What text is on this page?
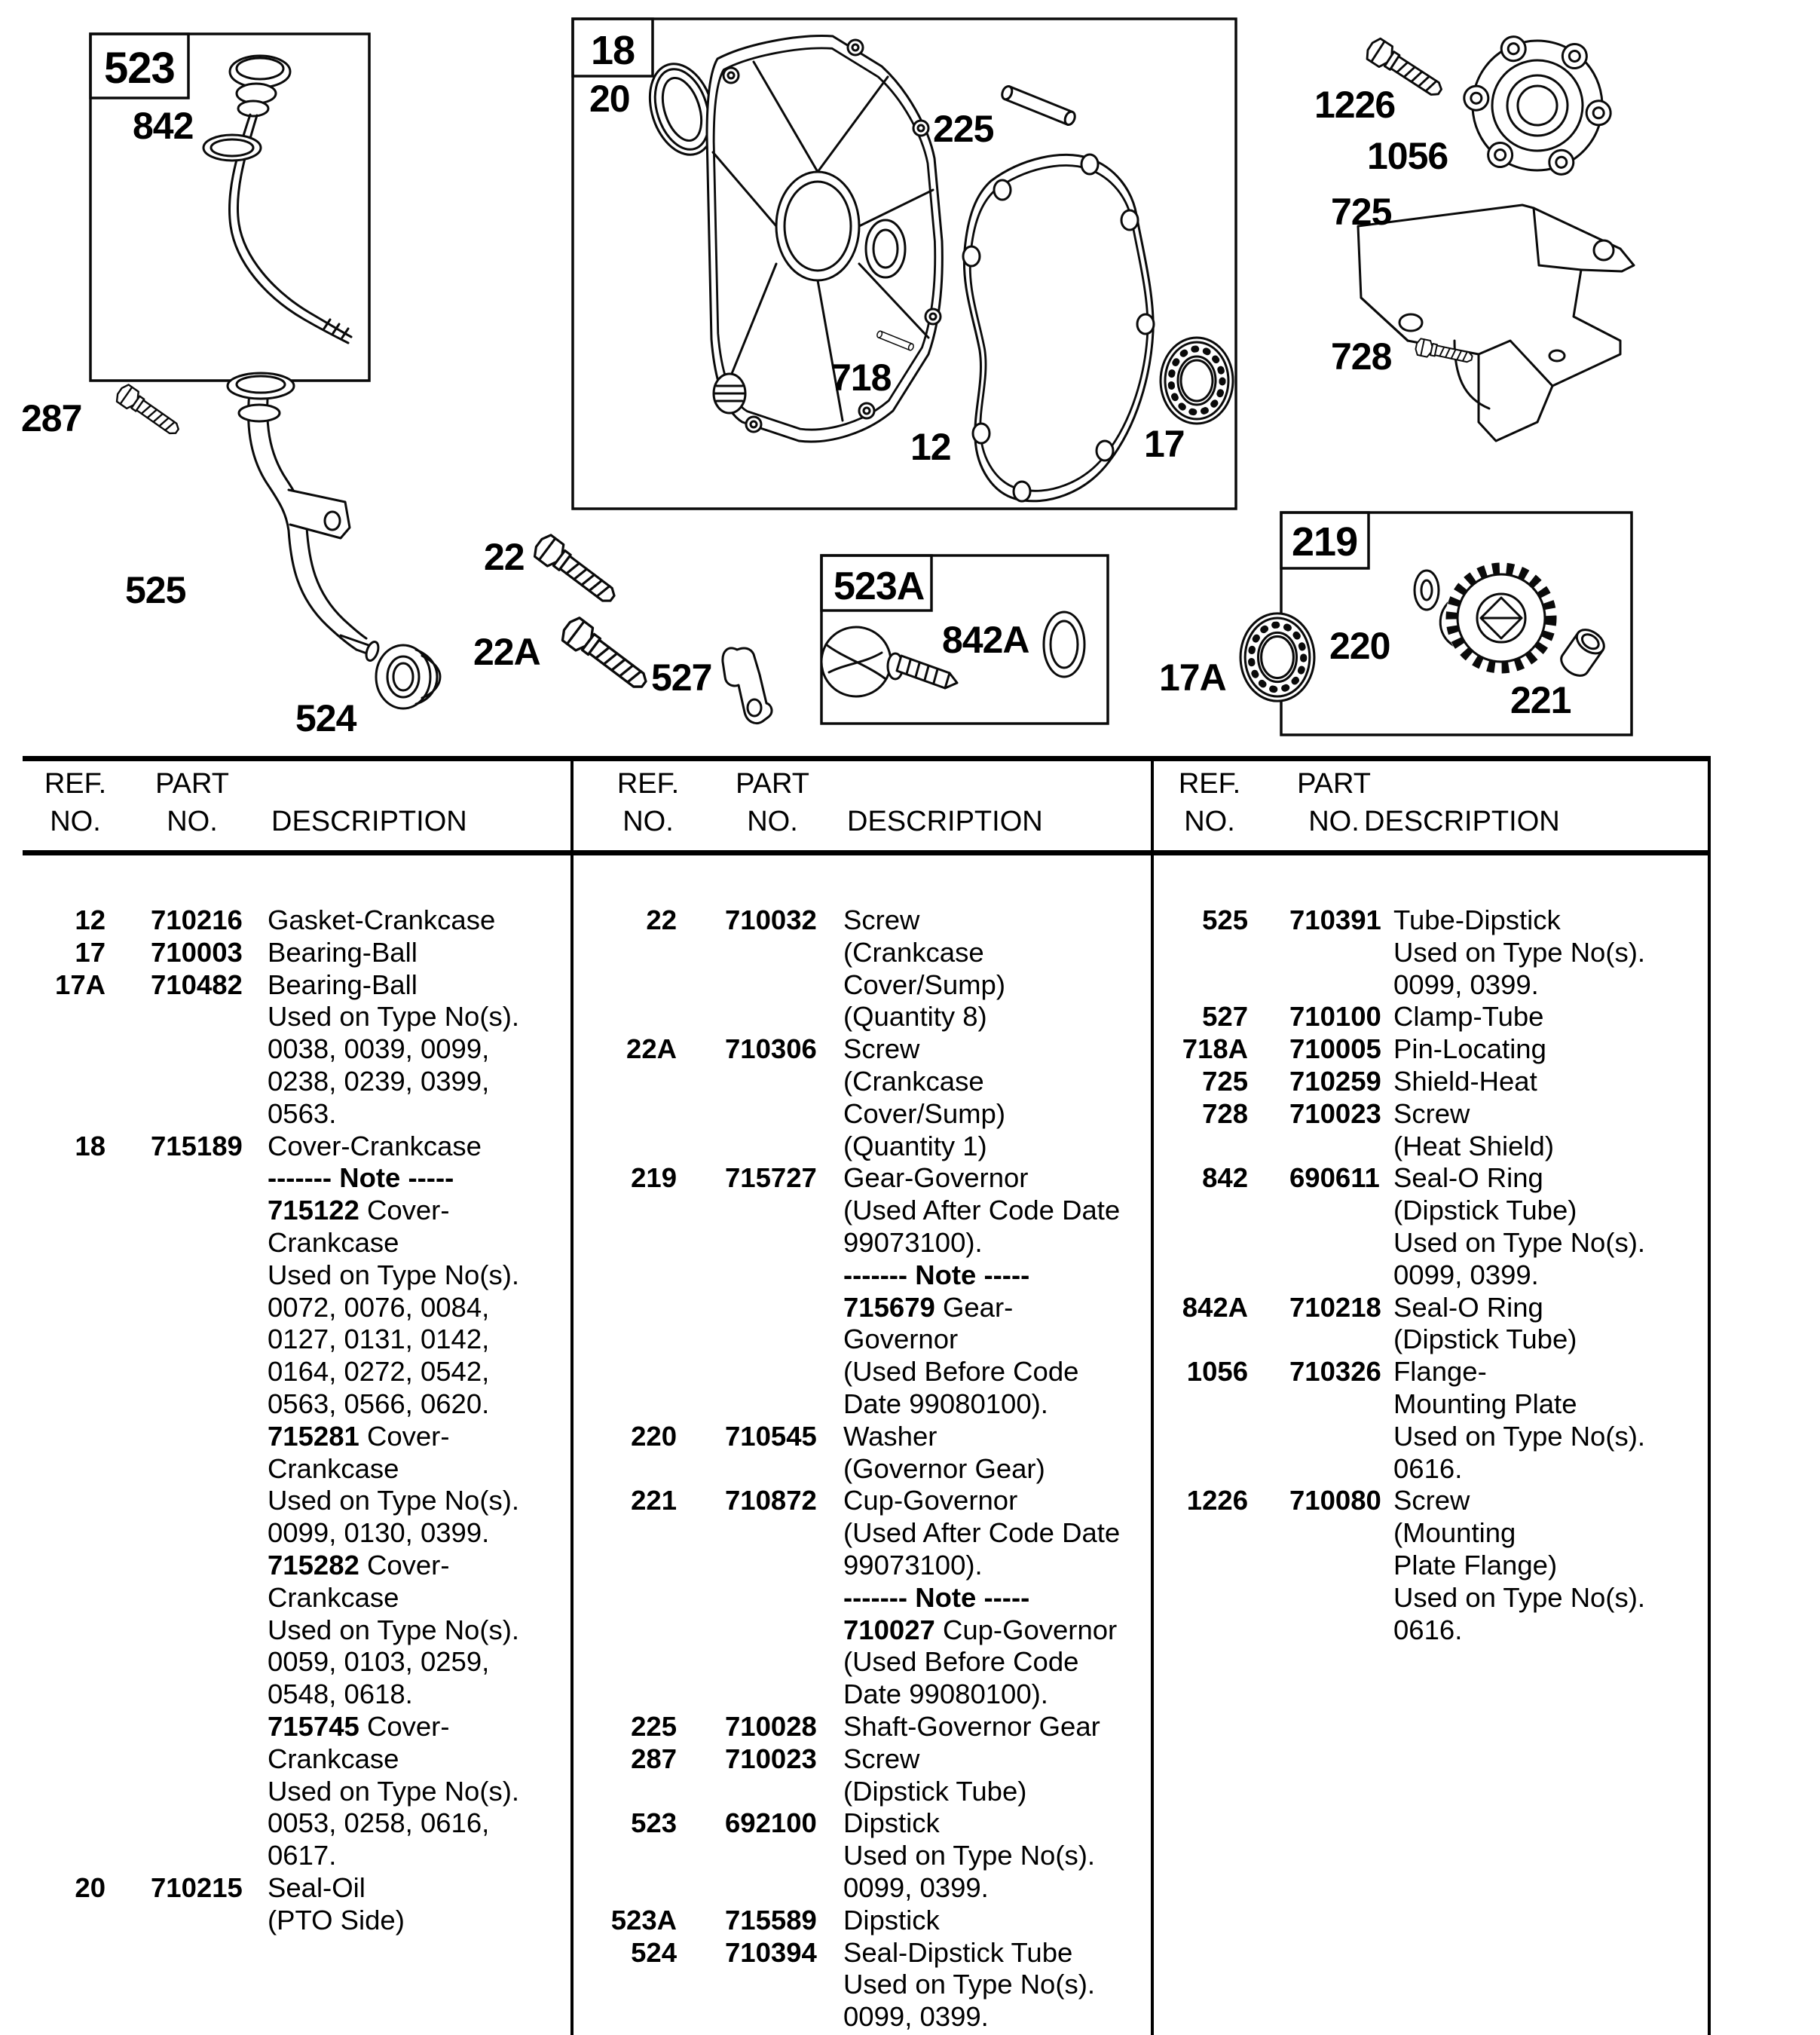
523
842
287
525
524
18
20
225
718
12	17
22
22A
527
523A
842A
17A
219
220
221
1226
1056
725
728
REF.
NO.
PART
NO.	DESCRIPTION
REF.
NO.
PART
NO.	DESCRIPTION
REF.
NO.
PART
NO. DESCRIPTION
12	710216 Gasket-Crankcase
17	710003 Bearing-Ball
17A	710482 Bearing-Ball
Used on Type No(s).
0038, 0039, 0099,
0238, 0239, 0399,
0563.
18	715189 Cover-Crankcase
------- Note -----
715122 Cover-
Crankcase
Used on Type No(s).
0072, 0076, 0084,
0127, 0131, 0142,
0164, 0272, 0542,
0563, 0566, 0620.
715281 Cover-
Crankcase
Used on Type No(s).
0099, 0130, 0399.
715282 Cover-
Crankcase
Used on Type No(s).
0059, 0103, 0259,
0548, 0618.
715745 Cover-
Crankcase
Used on Type No(s).
0053, 0258, 0616,
0617.
20	710215 Seal-Oil
(PTO Side)
22	710032 Screw
(Crankcase
Cover/Sump)
(Quantity 8)
22A	710306 Screw
(Crankcase
Cover/Sump)
(Quantity 1)
219	715727 Gear-Governor
(Used After Code Date
99073100).
------- Note -----
715679 Gear-
Governor
(Used Before Code
Date 99080100).
220	710545 Washer
(Governor Gear)
221	710872 Cup-Governor
(Used After Code Date
99073100).
------- Note -----
710027 Cup-Governor
(Used Before Code
Date 99080100).
225	710028 Shaft-Governor Gear
287	710023 Screw
(Dipstick Tube)
523	692100 Dipstick
Used on Type No(s).
0099, 0399.
523A	715589 Dipstick
524	710394 Seal-Dipstick Tube
Used on Type No(s).
0099, 0399.
525	710391 Tube-Dipstick
Used on Type No(s).
0099, 0399.
527	710100 Clamp-Tube
718A	710005 Pin-Locating
725	710259 Shield-Heat
728	710023 Screw
(Heat Shield)
842	690611 Seal-O Ring
(Dipstick Tube)
Used on Type No(s).
0099, 0399.
842A	710218 Seal-O Ring
(Dipstick Tube)
1056	710326 Flange-
Mounting Plate
Used on Type No(s).
0616.
1226	710080 Screw
(Mounting
Plate Flange)
Used on Type No(s).
0616.
